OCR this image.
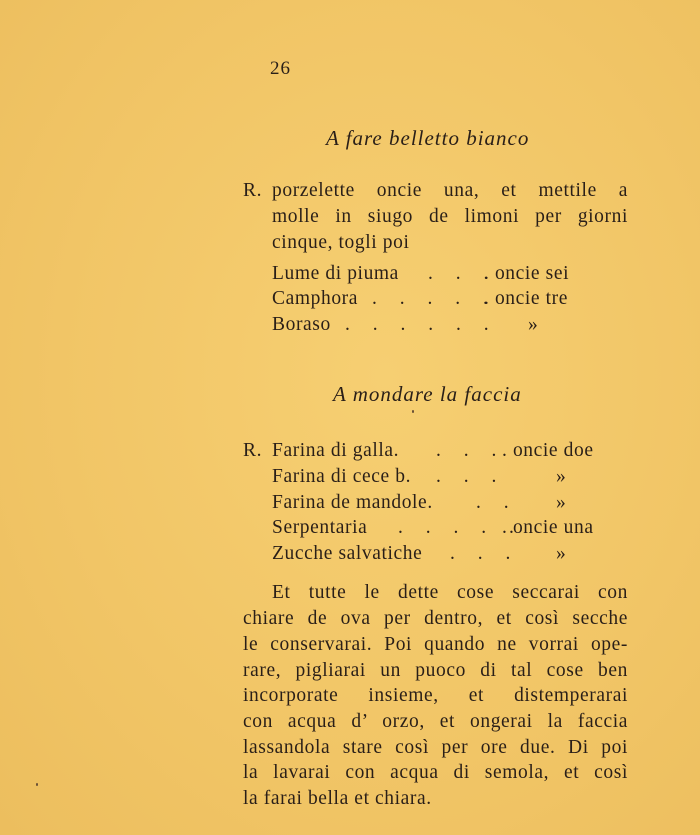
26
A fare belletto bianco
R. porzelette oncie una, et mettile a
molle in siugo de limoni per giorni
cinque, togli poi
Lume di piuma . . .
. oncie sei
Camphora . . . . .
. oncie tre
Boraso . . . . . . »
A mondare la faccia
R. Farina di galla. . . .
. oncie doe
Farina di cece b. . . .	»
Farina de mandole. . . »
Serpentaria . . . . .
. oncie una
Zucche salvatiche . . . »
Et tutte le dette cose seccarai con
chiare de ova per dentro, et così secche
le conservarai. Poi quando ne vorrai ope-
rare, pigliarai un puoco di tal cose ben
incorporate insieme, et distemperarai
con acqua d’ orzo, et ongerai la faccia
lassandola stare così per ore due. Di poi
la lavarai con acqua di semola, et così
la farai bella et chiara.
